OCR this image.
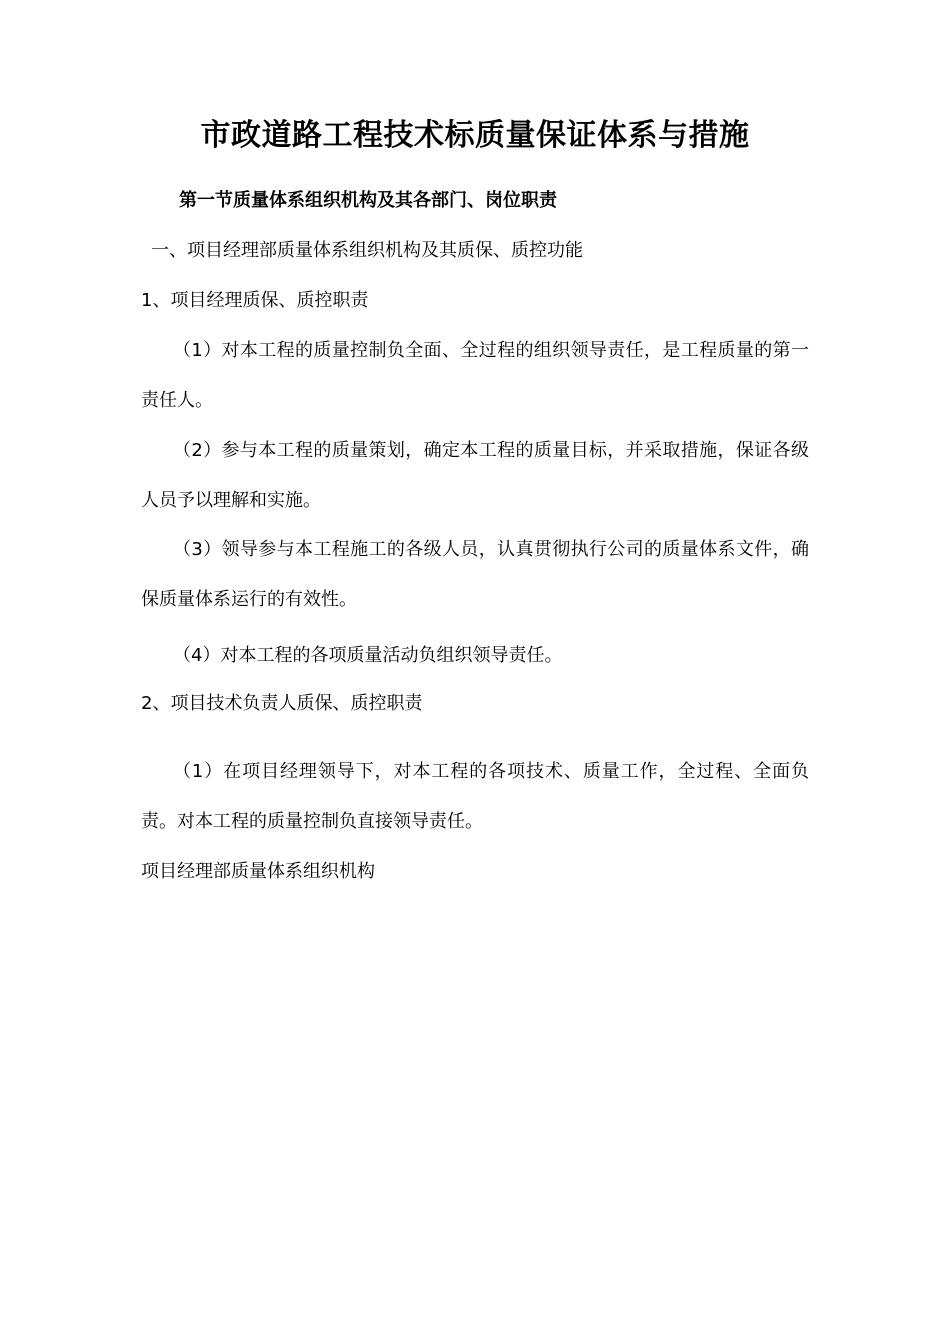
市政道路工程技术标质量保证体系与措施
第一节质量体系组织机构及其各部门、岗位职责
一、项目经理部质量体系组织机构及其质保、质控功能
1、项目经理质保、质控职责

（1）对本工程的质量控制负全面、全过程的组织领导责任，是工程质量的第一责任人。

（2）参与本工程的质量策划，确定本工程的质量目标，并采取措施，保证各级人员予以理解和实施。

（3）领导参与本工程施工的各级人员，认真贯彻执行公司的质量体系文件，确保质量体系运行的有效性。

（4）对本工程的各项质量活动负组织领导责任。
2、项目技术负责人质保、质控职责

（1）在项目经理领导下，对本工程的各项技术、质量工作，全过程、全面负责。对本工程的质量控制负直接领导责任。

项目经理部质量体系组织机构
